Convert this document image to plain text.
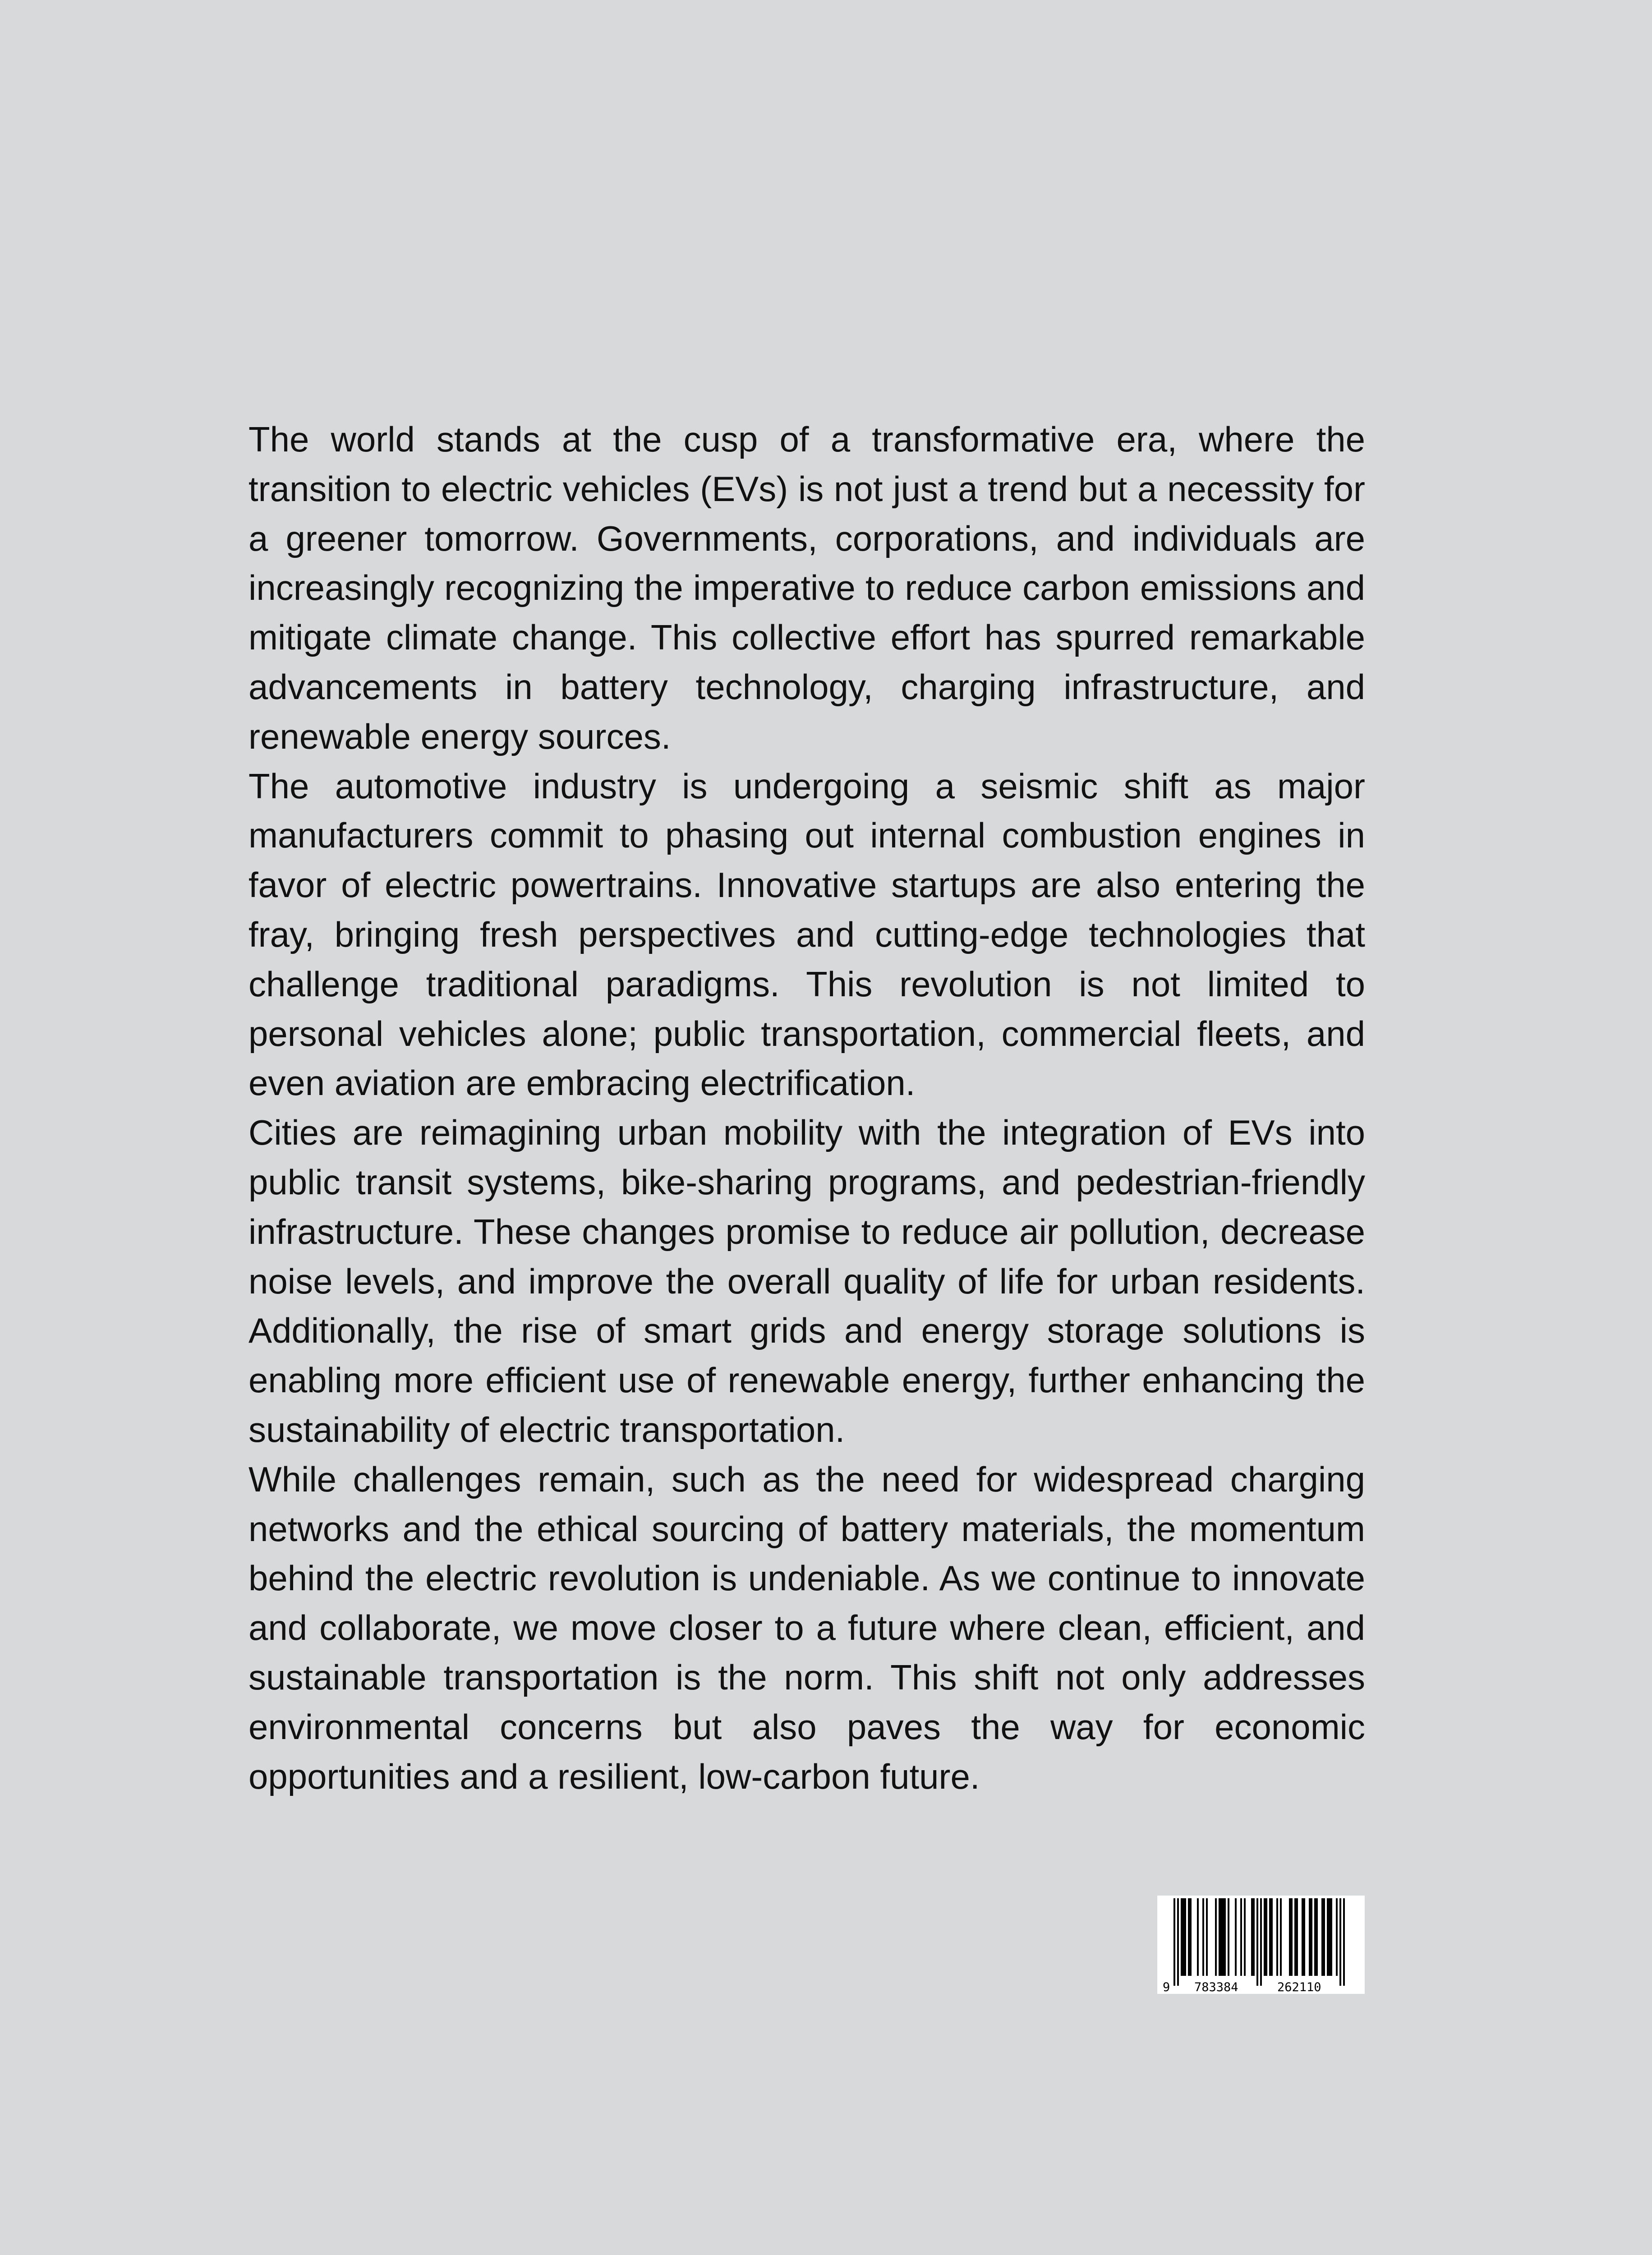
The world stands at the cusp of a transformative era, where the transition to electric vehicles (EVs) is not just a trend but a necessity for a greener tomorrow. Governments, corporations, and individuals are increasingly recognizing the imperative to reduce carbon emissions and mitigate climate change. This collective effort has spurred remarkable advancements in battery technology, charging infrastructure, and renewable energy sources.

The automotive industry is undergoing a seismic shift as major manufacturers commit to phasing out internal combustion engines in favor of electric powertrains. Innovative startups are also entering the fray, bringing fresh perspectives and cutting-edge technologies that challenge traditional paradigms. This revolution is not limited to personal vehicles alone; public transportation, commercial fleets, and even aviation are embracing electrification.

Cities are reimagining urban mobility with the integration of EVs into public transit systems, bike-sharing programs, and pedestrian-friendly infrastructure. These changes promise to reduce air pollution, decrease noise levels, and improve the overall quality of life for urban residents. Additionally, the rise of smart grids and energy storage solutions is enabling more efficient use of renewable energy, further enhancing the sustainability of electric transportation.

While challenges remain, such as the need for widespread charging networks and the ethical sourcing of battery materials, the momentum behind the electric revolution is undeniable. As we continue to innovate and collaborate, we move closer to a future where clean, efficient, and sustainable transportation is the norm. This shift not only addresses environmental concerns but also paves the way for economic opportunities and a resilient, low-carbon future.

9 783384	262110
